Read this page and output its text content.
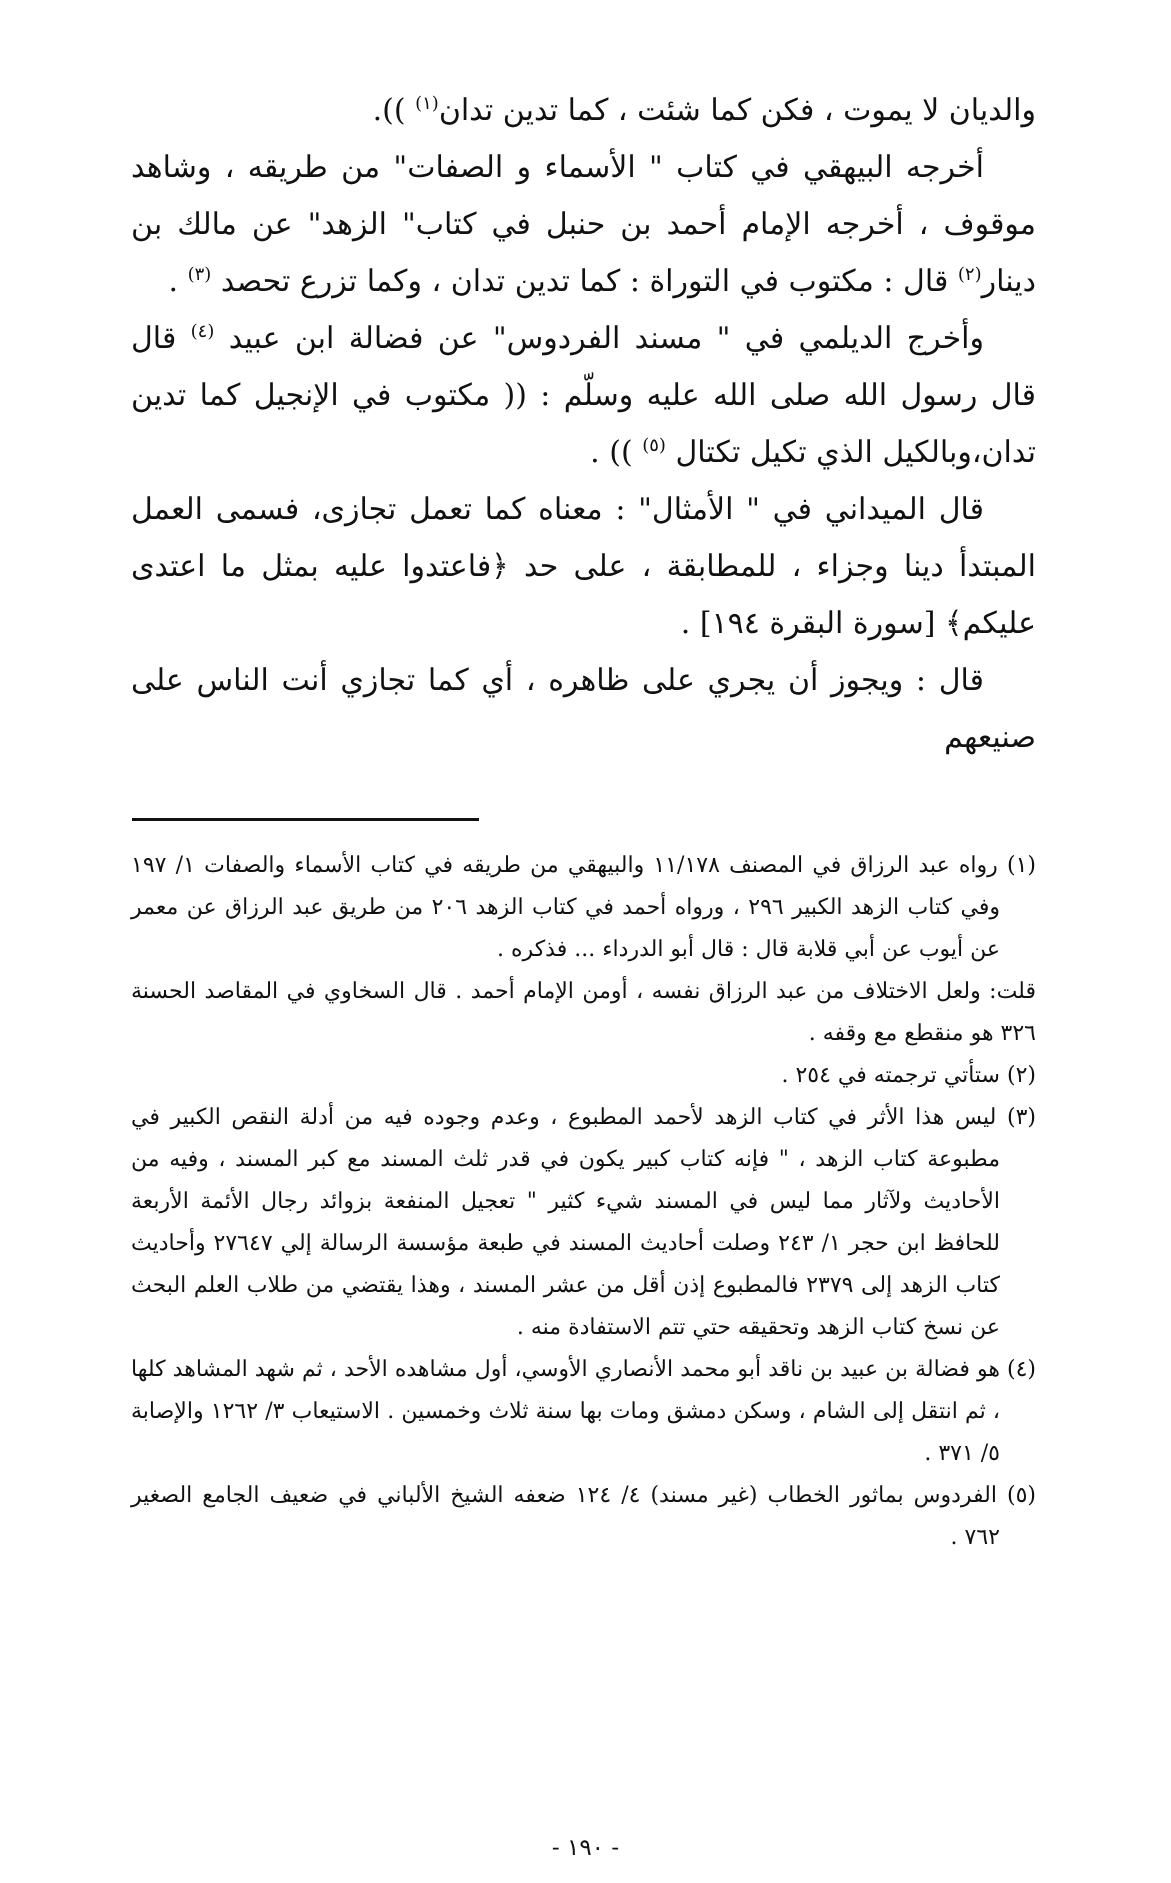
والديان لا يموت ، فكن كما شئت ، كما تدين تدان$^{(١)}$ )).

أخرجه البيهقي في كتاب " الأسماء و الصفات" من طريقه ، وشاهد موقوف ، أخرجه الإمام أحمد بن حنبل في كتاب" الزهد" عن مالك بن دينار$^{(٢)}$ قال : مكتوب في التوراة : كما تدين تدان ، وكما تزرع تحصد $^{(٣)}$ .

وأخرج الديلمي في " مسند الفردوس" عن فضالة ابن عبيد $^{(٤)}$ قال قال رسول الله صلى الله عليه وسلّم : (( مكتوب في الإنجيل كما تدين تدان،وبالكيل الذي تكيل تكتال $^{(٥)}$ )) .

قال الميداني في " الأمثال" : معناه كما تعمل تجازى، فسمى العمل المبتدأ دينا وجزاء ، للمطابقة ، على حد ﴿فاعتدوا عليه بمثل ما اعتدى عليكم﴾ [سورة البقرة ١٩٤] .

قال : ويجوز أن يجري على ظاهره ، أي كما تجازي أنت الناس على صنيعهم

(١) رواه عبد الرزاق في المصنف ١١/١٧٨ والبيهقي من طريقه في كتاب الأسماء والصفات ١/ ١٩٧ وفي كتاب الزهد الكبير ٢٩٦ ، ورواه أحمد في كتاب الزهد ٢٠٦ من طريق عبد الرزاق عن معمر عن أيوب عن أبي قلابة قال : قال أبو الدرداء ... فذكره .

قلت: ولعل الاختلاف من عبد الرزاق نفسه ، أومن الإمام أحمد . قال السخاوي في المقاصد الحسنة ٣٢٦ هو منقطع مع وقفه .

(٢) ستأتي ترجمته في ٢٥٤ .

(٣) ليس هذا الأثر في كتاب الزهد لأحمد المطبوع ، وعدم وجوده فيه من أدلة النقص الكبير في مطبوعة كتاب الزهد ، " فإنه كتاب كبير يكون في قدر ثلث المسند مع كبر المسند ، وفيه من الأحاديث ولآثار مما ليس في المسند شيء كثير " تعجيل المنفعة بزوائد رجال الأئمة الأربعة للحافظ ابن حجر ١/ ٢٤٣ وصلت أحاديث المسند في طبعة مؤسسة الرسالة إلي ٢٧٦٤٧ وأحاديث كتاب الزهد إلى ٢٣٧٩ فالمطبوع إذن أقل من عشر المسند ، وهذا يقتضي من طلاب العلم البحث عن نسخ كتاب الزهد وتحقيقه حتي تتم الاستفادة منه .

(٤) هو فضالة بن عبيد بن ناقد أبو محمد الأنصاري الأوسي، أول مشاهده الأحد ، ثم شهد المشاهد كلها ، ثم انتقل إلى الشام ، وسكن دمشق ومات بها سنة ثلاث وخمسين . الاستيعاب ٣/ ١٢٦٢ والإصابة ٥/ ٣٧١ .

(٥) الفردوس بماثور الخطاب (غير مسند) ٤/ ١٢٤ ضعفه الشيخ الألباني في ضعيف الجامع الصغير ٧٦٢ .

- ١٩٠ -
